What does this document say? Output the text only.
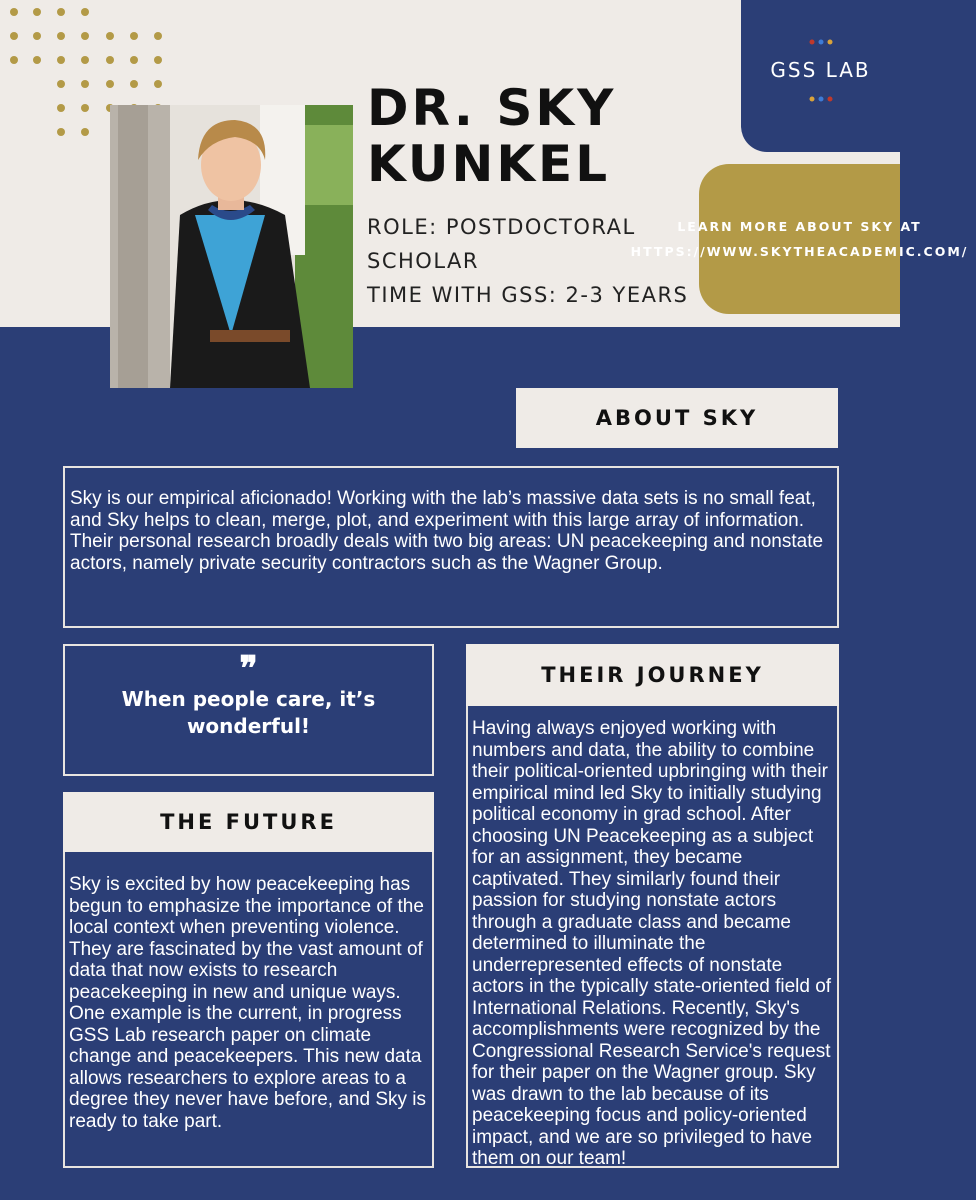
DR. SKY KUNKEL
ROLE: POSTDOCTORAL SCHOLAR
TIME WITH GSS: 2-3 YEARS
GSS LAB
LEARN MORE ABOUT SKY AT HTTPS://WWW.SKYTHEACADEMIC.COM/
ABOUT SKY
Sky is our empirical aficionado! Working with the lab’s massive data sets is no small feat, and Sky helps to clean, merge, plot, and experiment with this large array of information. Their personal research broadly deals with two big areas: UN peacekeeping and nonstate actors, namely private security contractors such as the Wagner Group.
❞
When people care, it’s wonderful!
THE FUTURE
Sky is excited by how peacekeeping has begun to emphasize the importance of the local context when preventing violence. They are fascinated by the vast amount of data that now exists to research peacekeeping in new and unique ways. One example is the current, in progress GSS Lab research paper on climate change and peacekeepers. This new data allows researchers to explore areas to a degree they never have before, and Sky is ready to take part.
THEIR JOURNEY
Having always enjoyed working with numbers and data, the ability to combine their political-oriented upbringing with their empirical mind led Sky to initially studying political economy in grad school. After choosing UN Peacekeeping as a subject for an assignment, they became captivated. They similarly found their passion for studying nonstate actors through a graduate class and became determined to illuminate the underrepresented effects of nonstate actors in the typically state-oriented field of International Relations. Recently, Sky's accomplishments were recognized by the Congressional Research Service's request for their paper on the Wagner group. Sky was drawn to the lab because of its peacekeeping focus and policy-oriented impact, and we are so privileged to have them on our team!
